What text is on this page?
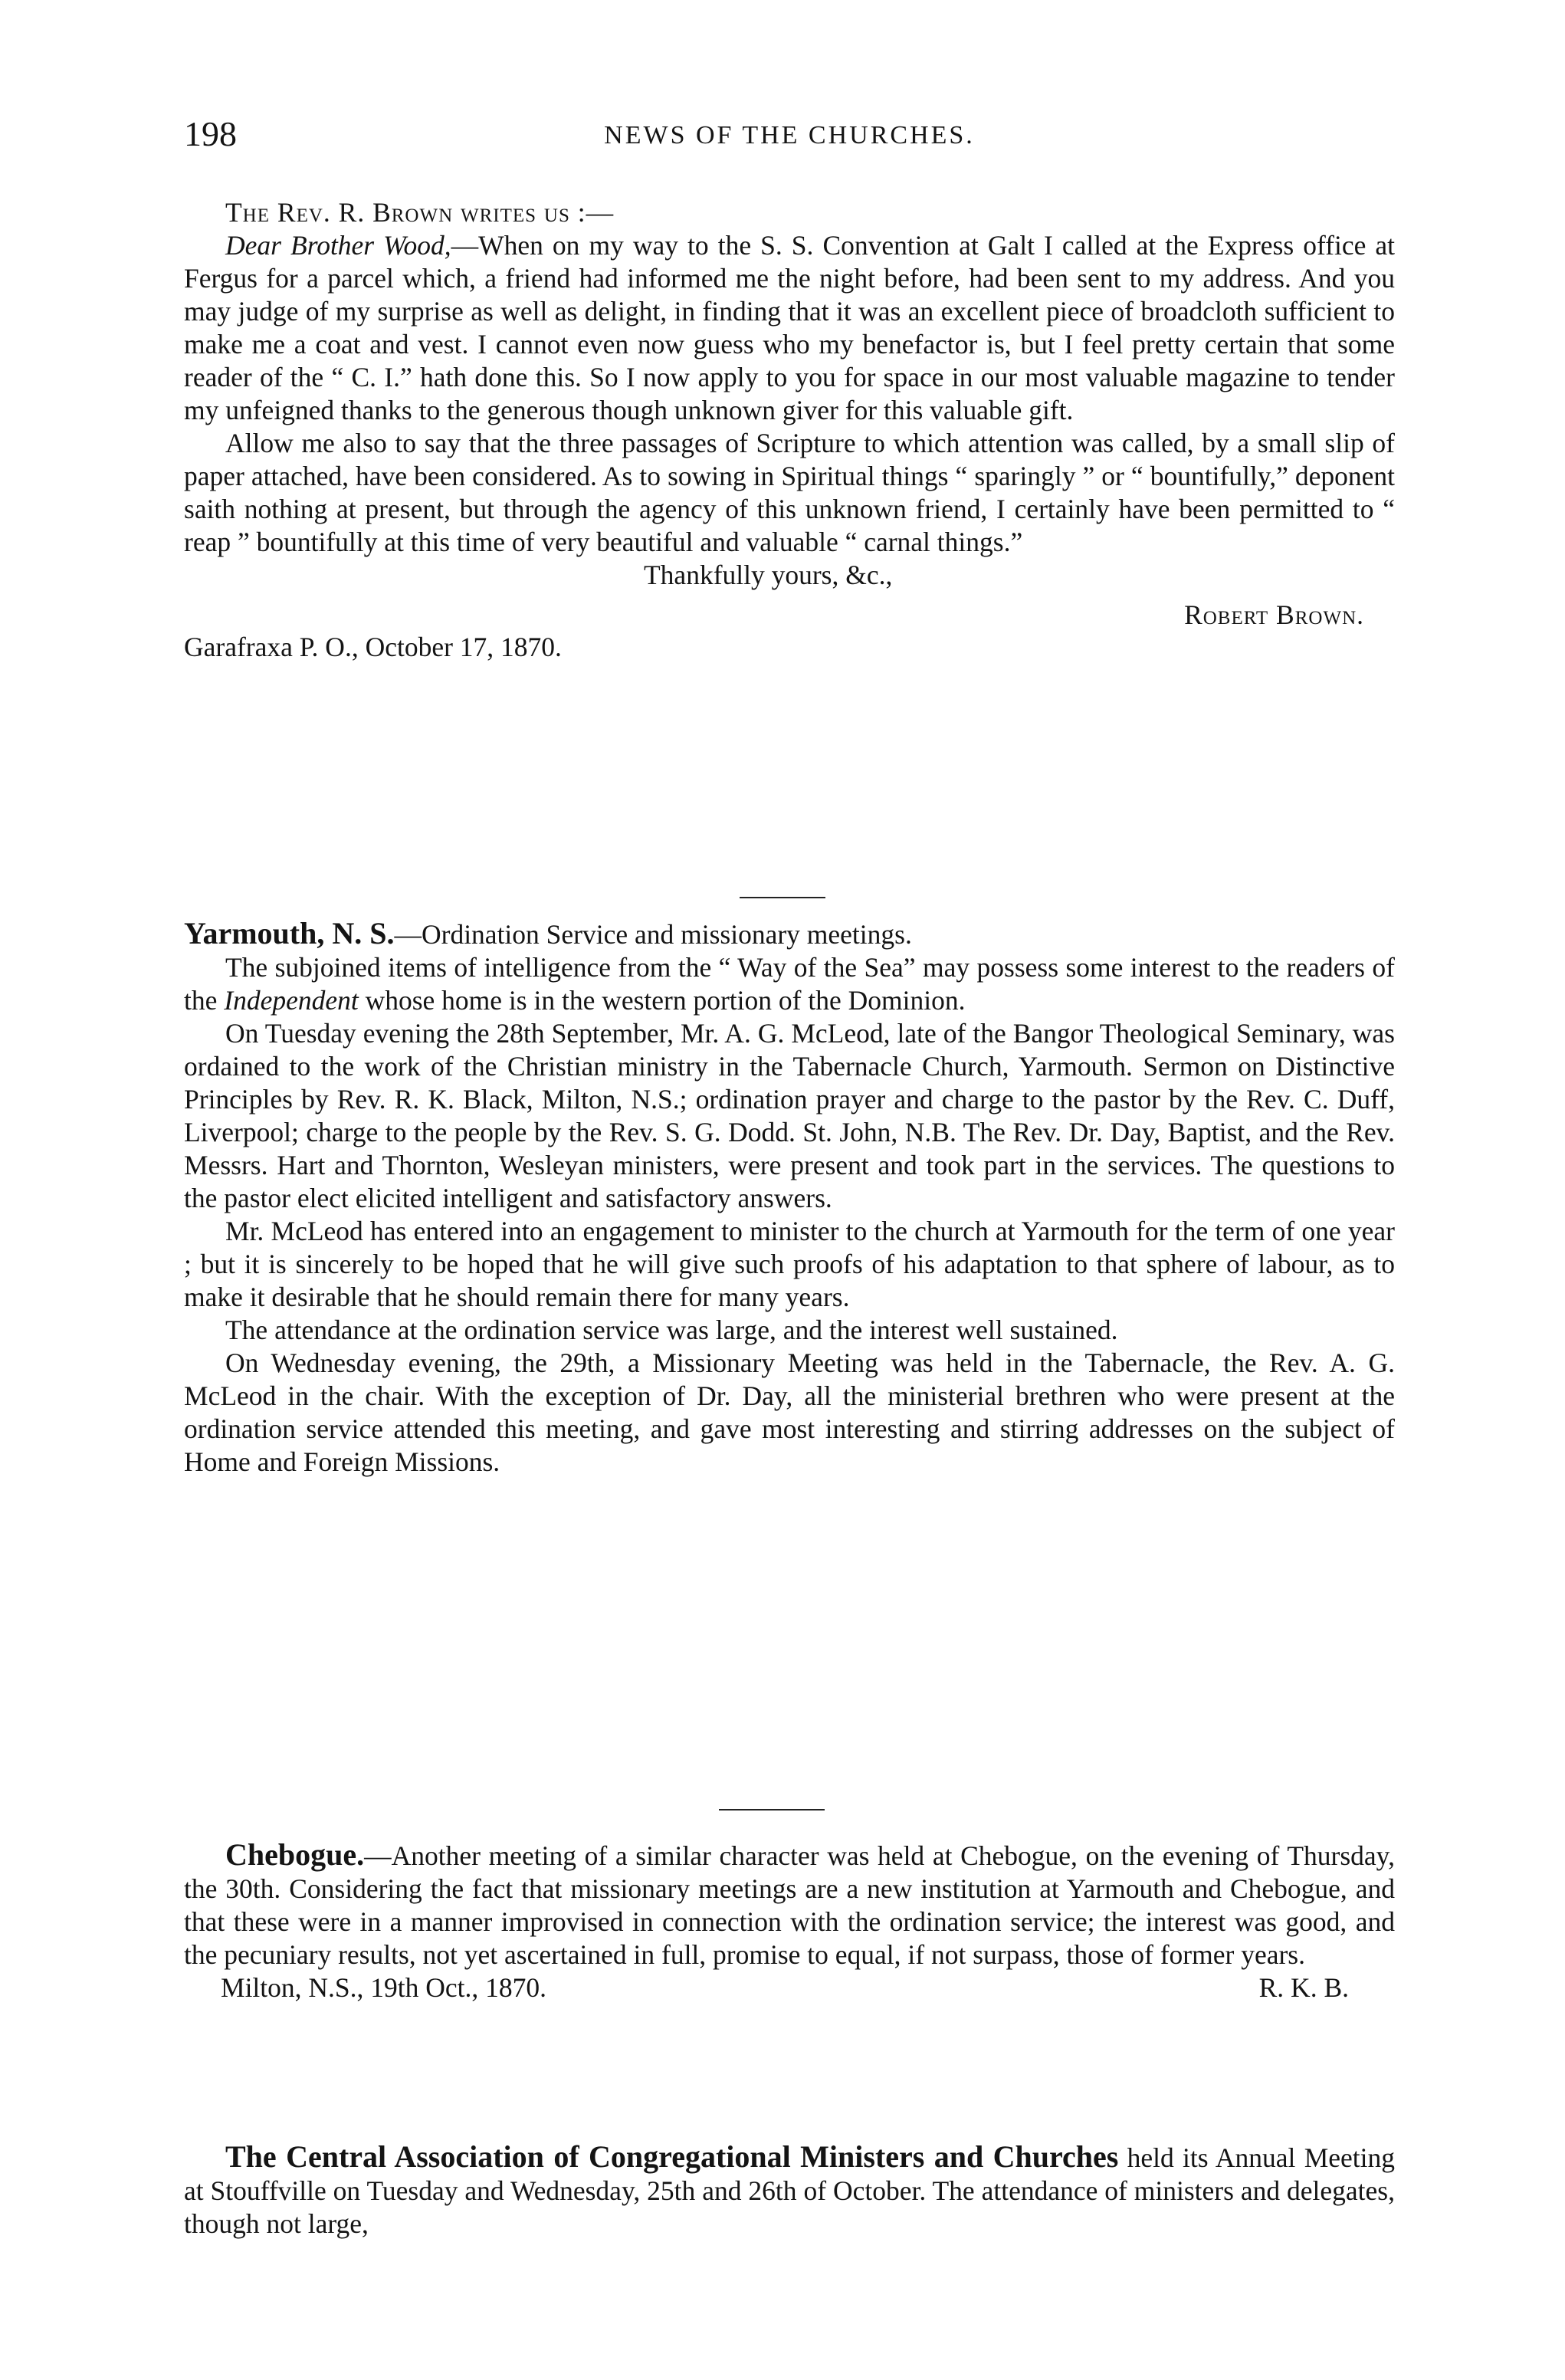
198	NEWS OF THE CHURCHES.

The Rev. R. Brown writes us :—

Dear Brother Wood,—When on my way to the S. S. Convention at Galt I called at the Express office at Fergus for a parcel which, a friend had informed me the night before, had been sent to my address. And you may judge of my surprise as well as delight, in finding that it was an excellent piece of broadcloth sufficient to make me a coat and vest. I cannot even now guess who my benefactor is, but I feel pretty certain that some reader of the “ C. I.” hath done this. So I now apply to you for space in our most valuable magazine to tender my unfeigned thanks to the generous though unknown giver for this valuable gift.

Allow me also to say that the three passages of Scripture to which attention was called, by a small slip of paper attached, have been considered. As to sowing in Spiritual things “ sparingly ” or “ bountifully,” deponent saith nothing at present, but through the agency of this unknown friend, I certainly have been permitted to “ reap ” bountifully at this time of very beautiful and valuable “ carnal things.”

Thankfully yours, &c.,
Robert Brown.
Garafraxa P. O., October 17, 1870.

Yarmouth, N. S.—Ordination Service and missionary meetings.

The subjoined items of intelligence from the “ Way of the Sea” may possess some interest to the readers of the Independent whose home is in the western portion of the Dominion.

On Tuesday evening the 28th September, Mr. A. G. McLeod, late of the Bangor Theological Seminary, was ordained to the work of the Christian ministry in the Tabernacle Church, Yarmouth. Sermon on Distinctive Principles by Rev. R. K. Black, Milton, N.S.; ordination prayer and charge to the pastor by the Rev. C. Duff, Liverpool; charge to the people by the Rev. S. G. Dodd. St. John, N.B. The Rev. Dr. Day, Baptist, and the Rev. Messrs. Hart and Thornton, Wesleyan ministers, were present and took part in the services. The questions to the pastor elect elicited intelligent and satisfactory answers.

Mr. McLeod has entered into an engagement to minister to the church at Yarmouth for the term of one year ; but it is sincerely to be hoped that he will give such proofs of his adaptation to that sphere of labour, as to make it desirable that he should remain there for many years.

The attendance at the ordination service was large, and the interest well sustained.

On Wednesday evening, the 29th, a Missionary Meeting was held in the Tabernacle, the Rev. A. G. McLeod in the chair. With the exception of Dr. Day, all the ministerial brethren who were present at the ordination service attended this meeting, and gave most interesting and stirring addresses on the subject of Home and Foreign Missions.

Chebogue.—Another meeting of a similar character was held at Chebogue, on the evening of Thursday, the 30th. Considering the fact that missionary meetings are a new institution at Yarmouth and Chebogue, and that these were in a manner improvised in connection with the ordination service; the interest was good, and the pecuniary results, not yet ascertained in full, promise to equal, if not surpass, those of former years.

Milton, N.S., 19th Oct., 1870.	R. K. B.

The Central Association of Congregational Ministers and Churches held its Annual Meeting at Stouffville on Tuesday and Wednesday, 25th and 26th of October. The attendance of ministers and delegates, though not large,
